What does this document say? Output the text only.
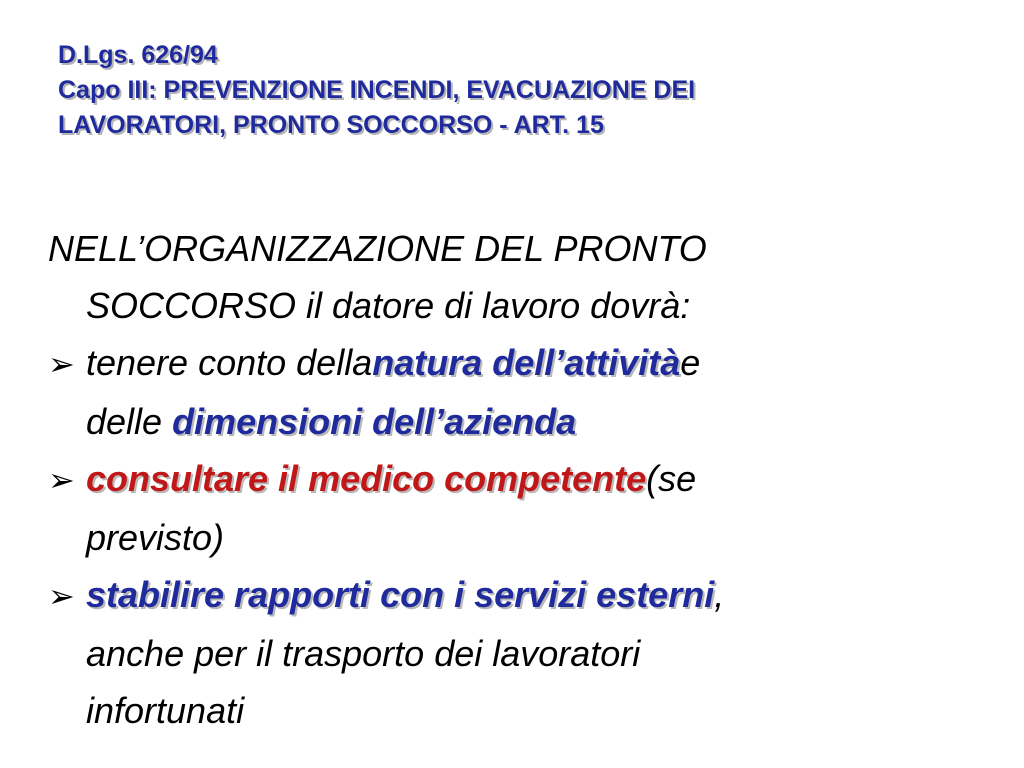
D.Lgs. 626/94
Capo III: PREVENZIONE INCENDI, EVACUAZIONE DEI
LAVORATORI, PRONTO SOCCORSO - ART. 15
NELL’ORGANIZZAZIONE DEL PRONTO
SOCCORSO il datore di lavoro dovrà:
➢ tenere conto della natura dell’attività e
delle dimensioni dell’azienda
➢ consultare il medico competente (se
previsto)
➢ stabilire rapporti con i servizi esterni ,
anche per il trasporto dei lavoratori
infortunati
